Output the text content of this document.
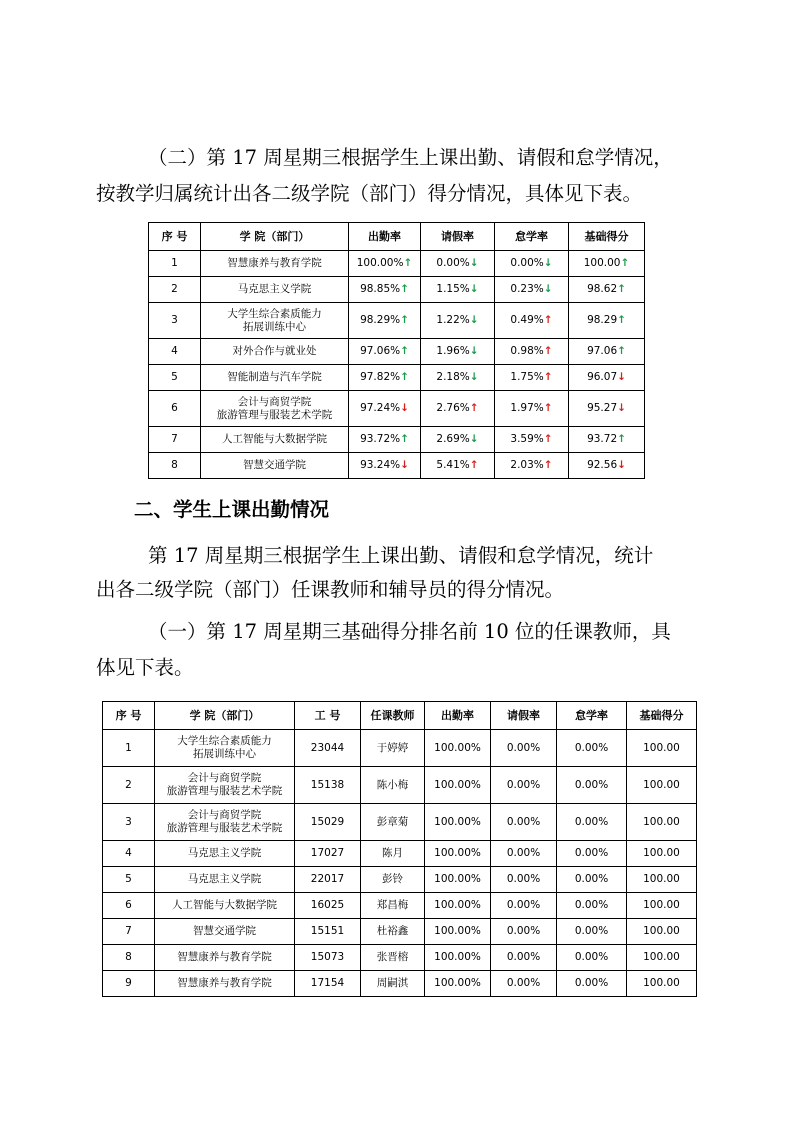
（二）第 17 周星期三根据学生上课出勤、请假和怠学情况，

按教学归属统计出各二级学院（部门）得分情况，具体见下表。

序 号	学 院（部门）	出勤率	请假率	怠学率	基础得分
1	智慧康养与教育学院	100.00%↑	0.00%↓	0.00%↓	100.00↑
2	马克思主义学院	98.85%↑	1.15%↓	0.23%↓	98.62↑
3	大学生综合素质能力
拓展训练中心	98.29%↑	1.22%↓	0.49%↑	98.29↑
4	对外合作与就业处	97.06%↑	1.96%↓	0.98%↑	97.06↑
5	智能制造与汽车学院	97.82%↑	2.18%↓	1.75%↑	96.07↓
6	会计与商贸学院
旅游管理与服装艺术学院	97.24%↓	2.76%↑	1.97%↑	95.27↓
7	人工智能与大数据学院	93.72%↑	2.69%↓	3.59%↑	93.72↑
8	智慧交通学院	93.24%↓	5.41%↑	2.03%↑	92.56↓

二、学生上课出勤情况

第 17 周星期三根据学生上课出勤、请假和怠学情况，统计

出各二级学院（部门）任课教师和辅导员的得分情况。

（一）第 17 周星期三基础得分排名前 10 位的任课教师，具

体见下表。

序 号	学 院（部门）	工 号	任课教师	出勤率	请假率	怠学率	基础得分
1	大学生综合素质能力
拓展训练中心	23044	于婷婷	100.00%	0.00%	0.00%	100.00
2	会计与商贸学院
旅游管理与服装艺术学院	15138	陈小梅	100.00%	0.00%	0.00%	100.00
3	会计与商贸学院
旅游管理与服装艺术学院	15029	彭章菊	100.00%	0.00%	0.00%	100.00
4	马克思主义学院	17027	陈月	100.00%	0.00%	0.00%	100.00
5	马克思主义学院	22017	彭铃	100.00%	0.00%	0.00%	100.00
6	人工智能与大数据学院	16025	郑昌梅	100.00%	0.00%	0.00%	100.00
7	智慧交通学院	15151	杜裕鑫	100.00%	0.00%	0.00%	100.00
8	智慧康养与教育学院	15073	张晋榕	100.00%	0.00%	0.00%	100.00
9	智慧康养与教育学院	17154	周嗣淇	100.00%	0.00%	0.00%	100.00
